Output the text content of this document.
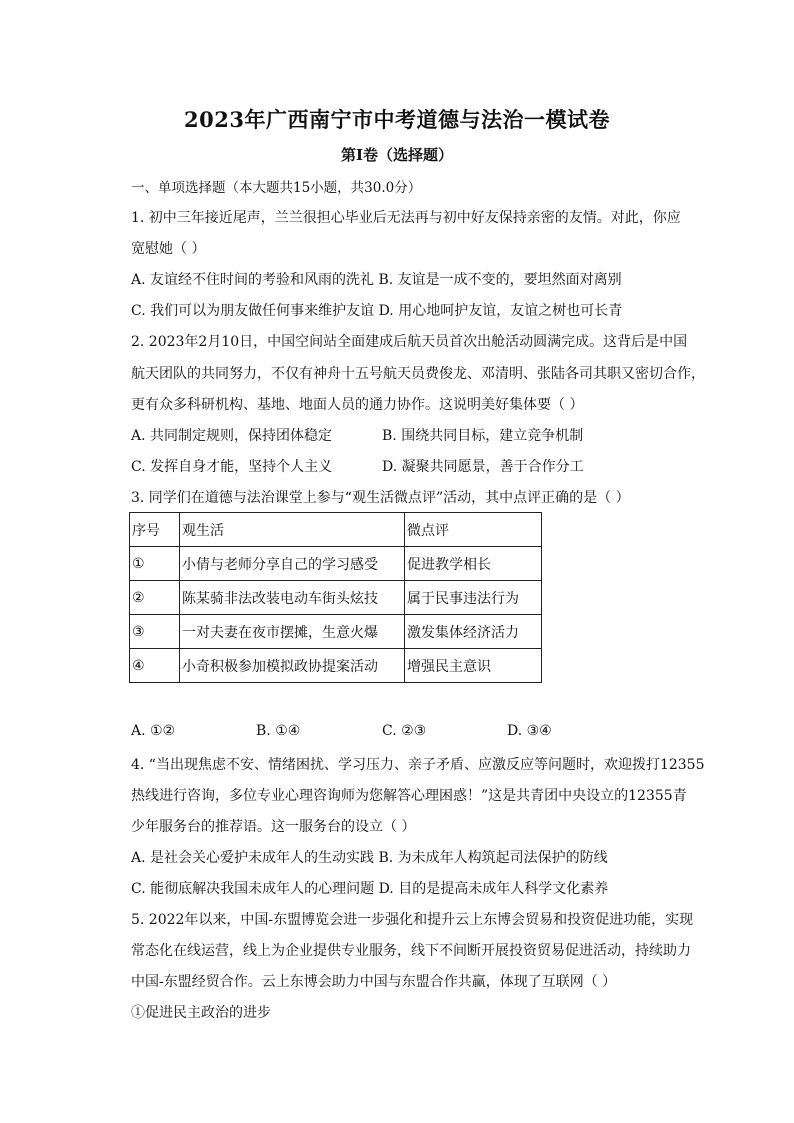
2023年广西南宁市中考道德与法治一模试卷
第I卷（选择题）
一、单项选择题（本大题共15小题，共30.0分）
1. 初中三年接近尾声，兰兰很担心毕业后无法再与初中好友保持亲密的友情。对此，你应
宽慰她（ ）
A. 友谊经不住时间的考验和风雨的洗礼 B. 友谊是一成不变的，要坦然面对离别
C. 我们可以为朋友做任何事来维护友谊 D. 用心地呵护友谊，友谊之树也可长青
2. 2023年2月10日，中国空间站全面建成后航天员首次出舱活动圆满完成。这背后是中国
航天团队的共同努力，不仅有神舟十五号航天员费俊龙、邓清明、张陆各司其职又密切合作，
更有众多科研机构、基地、地面人员的通力协作。这说明美好集体要（ ）
A. 共同制定规则，保持团体稳定	B. 围绕共同目标，建立竞争机制
C. 发挥自身才能，坚持个人主义	D. 凝聚共同愿景，善于合作分工
3. 同学们在道德与法治课堂上参与“观生活微点评”活动，其中点评正确的是（ ）
序号	观生活	微点评
①	小倩与老师分享自己的学习感受	促进教学相长
②	陈某骑非法改装电动车街头炫技	属于民事违法行为
③	一对夫妻在夜市摆摊，生意火爆	激发集体经济活力
④	小奇积极参加模拟政协提案活动	增强民主意识
A. ①②	B. ①④	C. ②③	D. ③④
4. “当出现焦虑不安、情绪困扰、学习压力、亲子矛盾、应激反应等问题时，欢迎拨打12355
热线进行咨询，多位专业心理咨询师为您解答心理困惑！”这是共青团中央设立的12355青
少年服务台的推荐语。这一服务台的设立（ ）
A. 是社会关心爱护未成年人的生动实践 B. 为未成年人构筑起司法保护的防线
C. 能彻底解决我国未成年人的心理问题 D. 目的是提高未成年人科学文化素养
5. 2022年以来，中国-东盟博览会进一步强化和提升云上东博会贸易和投资促进功能，实现
常态化在线运营，线上为企业提供专业服务，线下不间断开展投资贸易促进活动，持续助力
中国-东盟经贸合作。云上东博会助力中国与东盟合作共赢，体现了互联网（ ）
①促进民主政治的进步
